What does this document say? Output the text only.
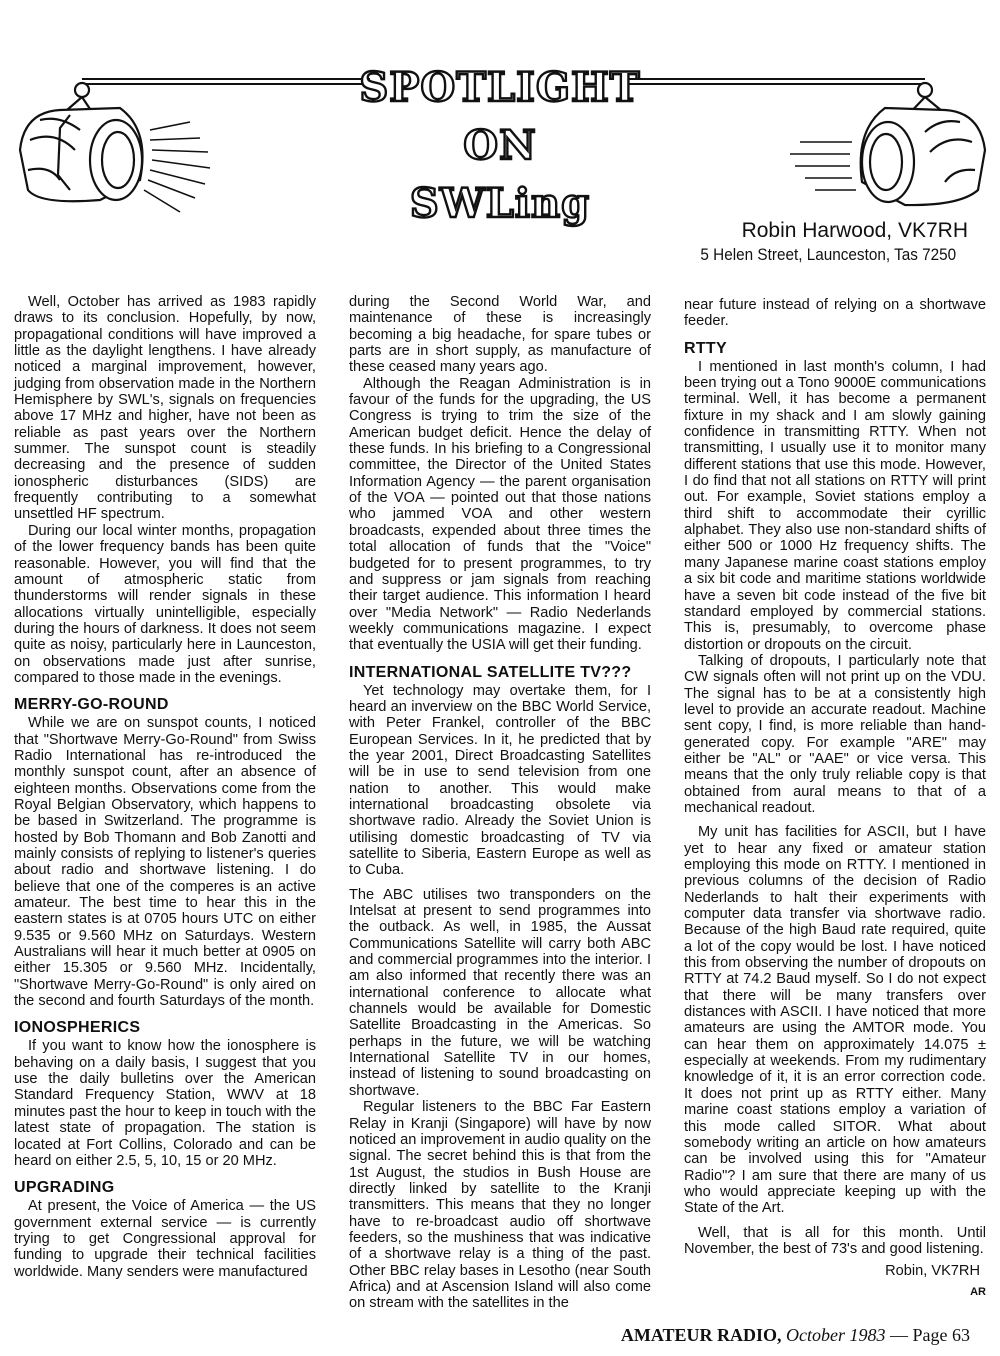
SPOTLIGHT
ON
SWLing
Robin Harwood, VK7RH
5 Helen Street, Launceston, Tas 7250

Well, October has arrived as 1983 rapidly draws to its conclusion. Hopefully, by now, propagational conditions will have improved a little as the daylight lengthens. I have already noticed a marginal improvement, however, judging from observation made in the Northern Hemisphere by SWL's, signals on frequencies above 17 MHz and higher, have not been as reliable as past years over the Northern summer. The sunspot count is steadily decreasing and the presence of sudden ionospheric disturbances (SIDS) are frequently contributing to a somewhat unsettled HF spectrum.

During our local winter months, propagation of the lower frequency bands has been quite reasonable. However, you will find that the amount of atmospheric static from thunderstorms will render signals in these allocations virtually unintelligible, especially during the hours of darkness. It does not seem quite as noisy, particularly here in Launceston, on observations made just after sunrise, compared to those made in the evenings.

MERRY-GO-ROUND

While we are on sunspot counts, I noticed that "Shortwave Merry-Go-Round" from Swiss Radio International has re-introduced the monthly sunspot count, after an absence of eighteen months. Observations come from the Royal Belgian Observatory, which happens to be based in Switzerland. The programme is hosted by Bob Thomann and Bob Zanotti and mainly consists of replying to listener's queries about radio and shortwave listening. I do believe that one of the comperes is an active amateur. The best time to hear this in the eastern states is at 0705 hours UTC on either 9.535 or 9.560 MHz on Saturdays. Western Australians will hear it much better at 0905 on either 15.305 or 9.560 MHz. Incidentally, "Shortwave Merry-Go-Round" is only aired on the second and fourth Saturdays of the month.

IONOSPHERICS

If you want to know how the ionosphere is behaving on a daily basis, I suggest that you use the daily bulletins over the American Standard Frequency Station, WWV at 18 minutes past the hour to keep in touch with the latest state of propagation. The station is located at Fort Collins, Colorado and can be heard on either 2.5, 5, 10, 15 or 20 MHz.

UPGRADING

At present, the Voice of America — the US government external service — is currently trying to get Congressional approval for funding to upgrade their technical facilities worldwide. Many senders were manufactured

during the Second World War, and maintenance of these is increasingly becoming a big headache, for spare tubes or parts are in short supply, as manufacture of these ceased many years ago.

Although the Reagan Administration is in favour of the funds for the upgrading, the US Congress is trying to trim the size of the American budget deficit. Hence the delay of these funds. In his briefing to a Congressional committee, the Director of the United States Information Agency — the parent organisation of the VOA — pointed out that those nations who jammed VOA and other western broadcasts, expended about three times the total allocation of funds that the "Voice" budgeted for to present programmes, to try and suppress or jam signals from reaching their target audience. This information I heard over "Media Network" — Radio Nederlands weekly communications magazine. I expect that eventually the USIA will get their funding.

INTERNATIONAL SATELLITE TV???

Yet technology may overtake them, for I heard an inverview on the BBC World Service, with Peter Frankel, controller of the BBC European Services. In it, he predicted that by the year 2001, Direct Broadcasting Satellites will be in use to send television from one nation to another. This would make international broadcasting obsolete via shortwave radio. Already the Soviet Union is utilising domestic broadcasting of TV via satellite to Siberia, Eastern Europe as well as to Cuba.

The ABC utilises two transponders on the Intelsat at present to send programmes into the outback. As well, in 1985, the Aussat Communications Satellite will carry both ABC and commercial programmes into the interior. I am also informed that recently there was an international conference to allocate what channels would be available for Domestic Satellite Broadcasting in the Americas. So perhaps in the future, we will be watching International Satellite TV in our homes, instead of listening to sound broadcasting on shortwave.

Regular listeners to the BBC Far Eastern Relay in Kranji (Singapore) will have by now noticed an improvement in audio quality on the signal. The secret behind this is that from the 1st August, the studios in Bush House are directly linked by satellite to the Kranji transmitters. This means that they no longer have to re-broadcast audio off shortwave feeders, so the mushiness that was indicative of a shortwave relay is a thing of the past. Other BBC relay bases in Lesotho (near South Africa) and at Ascension Island will also come on stream with the satellites in the

near future instead of relying on a shortwave feeder.

RTTY

I mentioned in last month's column, I had been trying out a Tono 9000E communications terminal. Well, it has become a permanent fixture in my shack and I am slowly gaining confidence in transmitting RTTY. When not transmitting, I usually use it to monitor many different stations that use this mode. However, I do find that not all stations on RTTY will print out. For example, Soviet stations employ a third shift to accommodate their cyrillic alphabet. They also use non-standard shifts of either 500 or 1000 Hz frequency shifts. The many Japanese marine coast stations employ a six bit code and maritime stations worldwide have a seven bit code instead of the five bit standard employed by commercial stations. This is, presumably, to overcome phase distortion or dropouts on the circuit.

Talking of dropouts, I particularly note that CW signals often will not print up on the VDU. The signal has to be at a consistently high level to provide an accurate readout. Machine sent copy, I find, is more reliable than hand-generated copy. For example "ARE" may either be "AL" or "AAE" or vice versa. This means that the only truly reliable copy is that obtained from aural means to that of a mechanical readout.

My unit has facilities for ASCII, but I have yet to hear any fixed or amateur station employing this mode on RTTY. I mentioned in previous columns of the decision of Radio Nederlands to halt their experiments with computer data transfer via shortwave radio. Because of the high Baud rate required, quite a lot of the copy would be lost. I have noticed this from observing the number of dropouts on RTTY at 74.2 Baud myself. So I do not expect that there will be many transfers over distances with ASCII. I have noticed that more amateurs are using the AMTOR mode. You can hear them on approximately 14.075 ± especially at weekends. From my rudimentary knowledge of it, it is an error correction code. It does not print up as RTTY either. Many marine coast stations employ a variation of this mode called SITOR. What about somebody writing an article on how amateurs can be involved using this for "Amateur Radio"? I am sure that there are many of us who would appreciate keeping up with the State of the Art.

Well, that is all for this month. Until November, the best of 73's and good listening.

Robin, VK7RH
AR
AMATEUR RADIO, October 1983 — Page 63
